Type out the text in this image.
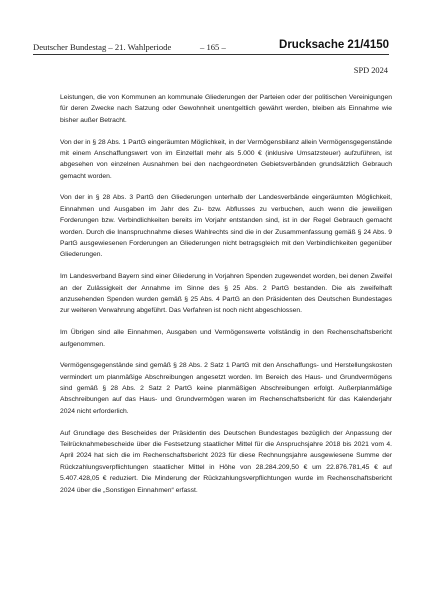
Deutscher Bundestag – 21. Wahlperiode	– 165 –	Drucksache 21/4150
SPD 2024

Leistungen, die von Kommunen an kommunale Gliederungen der Parteien oder der politischen Vereinigungen für deren Zwecke nach Satzung oder Gewohnheit unentgeltlich gewährt werden, bleiben als Einnahme wie bisher außer Betracht.

Von der in § 28 Abs. 1 PartG eingeräumten Möglichkeit, in der Vermögensbilanz allein Vermögensgegenstände mit einem Anschaffungswert von im Einzelfall mehr als 5.000 € (inklusive Umsatzsteuer) aufzuführen, ist abgesehen von einzelnen Ausnahmen bei den nachgeordneten Gebietsverbänden grundsätzlich Gebrauch gemacht worden.

Von der in § 28 Abs. 3 PartG den Gliederungen unterhalb der Landesverbände eingeräumten Möglichkeit, Einnahmen und Ausgaben im Jahr des Zu- bzw. Abflusses zu verbuchen, auch wenn die jeweiligen Forderungen bzw. Verbindlichkeiten bereits im Vorjahr entstanden sind, ist in der Regel Gebrauch gemacht worden. Durch die Inanspruchnahme dieses Wahlrechts sind die in der Zusammenfassung gemäß § 24 Abs. 9 PartG ausgewiesenen Forderungen an Gliederungen nicht betragsgleich mit den Verbindlichkeiten gegenüber Gliederungen.

Im Landesverband Bayern sind einer Gliederung in Vorjahren Spenden zugewendet worden, bei denen Zweifel an der Zulässigkeit der Annahme im Sinne des § 25 Abs. 2 PartG bestanden. Die als zweifelhaft anzusehenden Spenden wurden gemäß § 25 Abs. 4 PartG an den Präsidenten des Deutschen Bundestages zur weiteren Verwahrung abgeführt. Das Verfahren ist noch nicht abgeschlossen.

Im Übrigen sind alle Einnahmen, Ausgaben und Vermögenswerte vollständig in den Rechenschaftsbericht aufgenommen.

Vermögensgegenstände sind gemäß § 28 Abs. 2 Satz 1 PartG mit den Anschaffungs- und Herstellungskosten vermindert um planmäßige Abschreibungen angesetzt worden. Im Bereich des Haus- und Grundvermögens sind gemäß § 28 Abs. 2 Satz 2 PartG keine planmäßigen Abschreibungen erfolgt. Außerplanmäßige Abschreibungen auf das Haus- und Grundvermögen waren im Rechenschaftsbericht für das Kalenderjahr 2024 nicht erforderlich.

Auf Grundlage des Bescheides der Präsidentin des Deutschen Bundestages bezüglich der Anpassung der Teilrücknahmebescheide über die Festsetzung staatlicher Mittel für die Anspruchsjahre 2018 bis 2021 vom 4. April 2024 hat sich die im Rechenschaftsbericht 2023 für diese Rechnungsjahre ausgewiesene Summe der Rückzahlungsverpflichtungen staatlicher Mittel in Höhe von 28.284.209,50 € um 22.876.781,45 € auf 5.407.428,05 € reduziert. Die Minderung der Rückzahlungsverpflichtungen wurde im Rechenschaftsbericht 2024 über die „Sonstigen Einnahmen“ erfasst.
